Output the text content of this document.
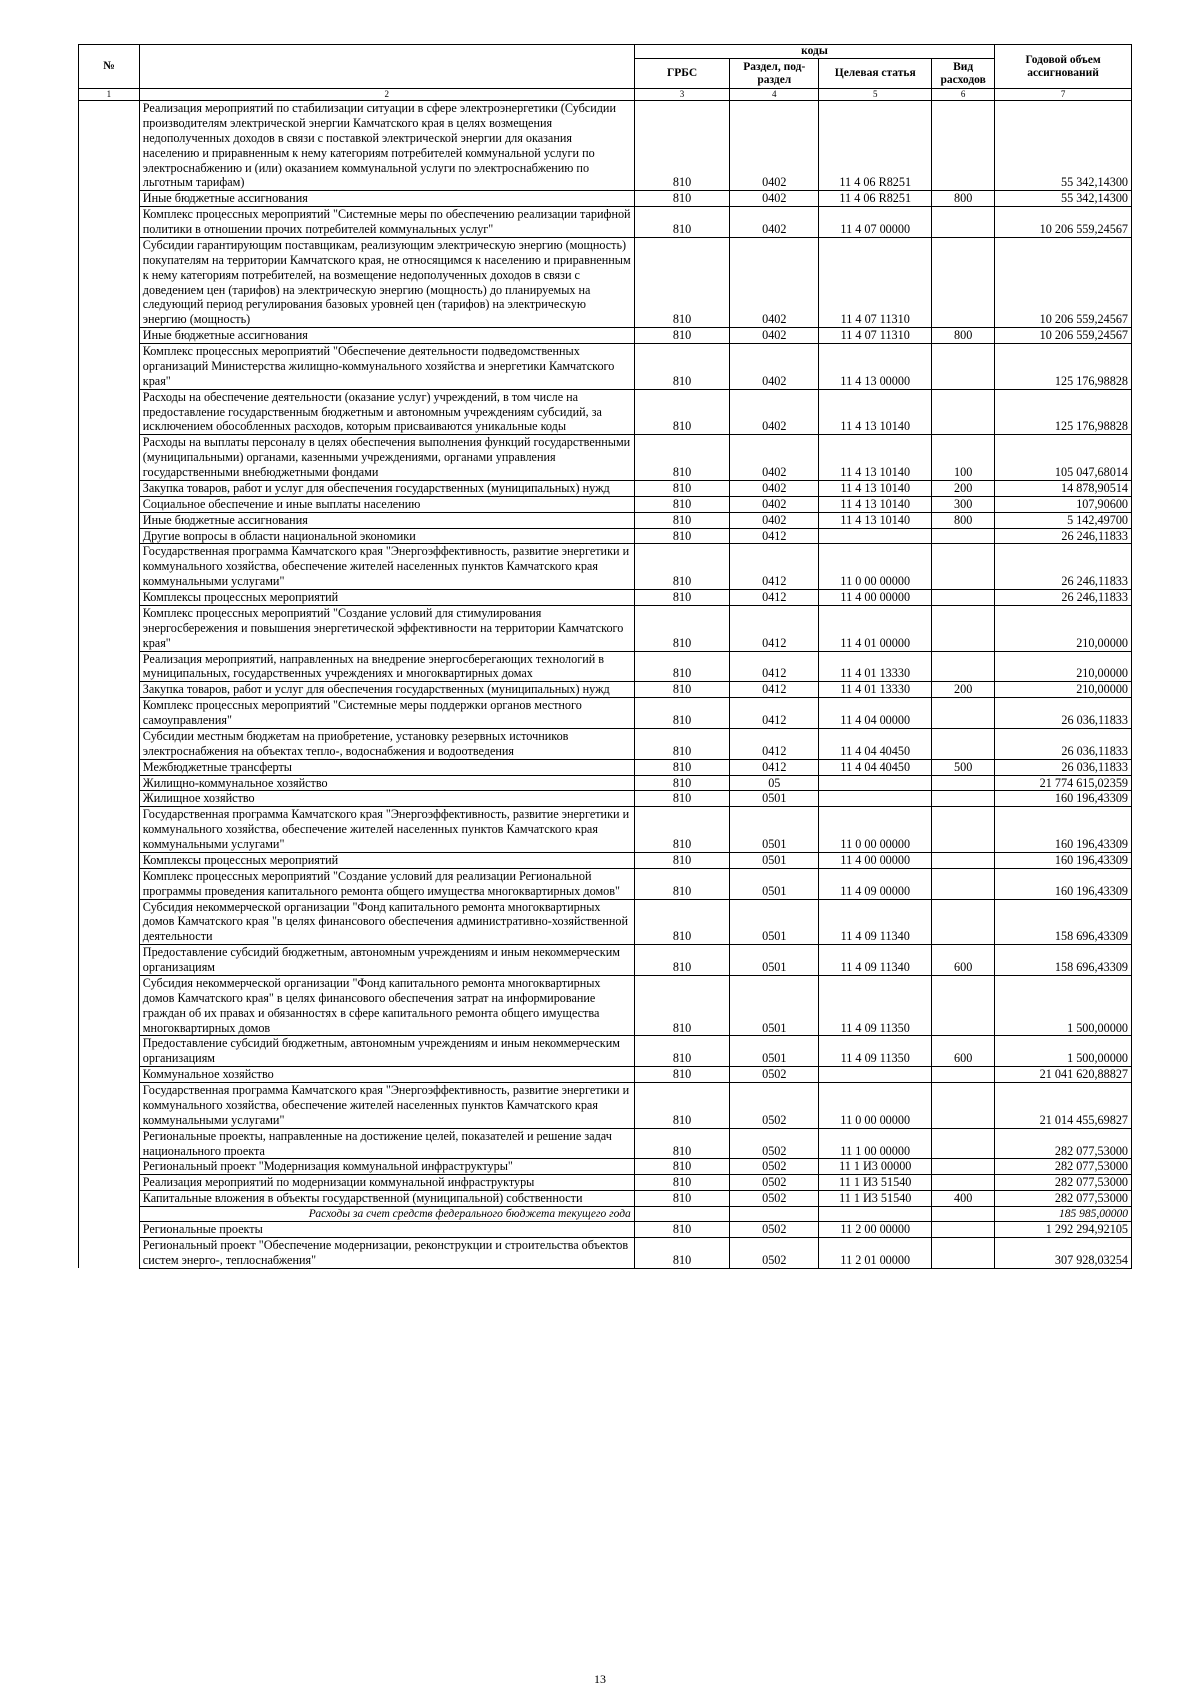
№		коды				Годовой объем ассигнований
		ГРБС	Раздел, под-раздел	Целевая статья	Вид расходов	
1	2	3	4	5	6	7
	Реализация мероприятий по стабилизации ситуации в сфере электроэнергетики (Субсидии производителям электрической энергии Камчатского края в целях возмещения недополученных доходов в связи с поставкой электрической энергии для оказания населению и приравненным к нему категориям потребителей коммунальной услуги по электроснабжению и (или) оказанием коммунальной услуги по электроснабжению по льготным тарифам)	810	0402	11 4 06 R8251		55 342,14300
	Иные бюджетные ассигнования	810	0402	11 4 06 R8251	800	55 342,14300
	Комплекс процессных мероприятий "Системные меры по обеспечению реализации тарифной политики в отношении прочих потребителей коммунальных услуг"	810	0402	11 4 07 00000		10 206 559,24567
	Субсидии гарантирующим поставщикам, реализующим электрическую энергию (мощность) покупателям на территории Камчатского края, не относящимся к населению и приравненным к нему категориям потребителей, на возмещение недополученных доходов в связи с доведением цен (тарифов) на электрическую энергию (мощность) до планируемых на следующий период регулирования базовых уровней цен (тарифов) на электрическую энергию (мощность)	810	0402	11 4 07 11310		10 206 559,24567
	Иные бюджетные ассигнования	810	0402	11 4 07 11310	800	10 206 559,24567
	Комплекс процессных мероприятий "Обеспечение деятельности подведомственных организаций Министерства жилищно-коммунального хозяйства и энергетики Камчатского края"	810	0402	11 4 13 00000		125 176,98828
	Расходы на обеспечение деятельности (оказание услуг) учреждений, в том числе на предоставление государственным бюджетным и автономным учреждениям субсидий, за исключением обособленных расходов, которым присваиваются уникальные коды	810	0402	11 4 13 10140		125 176,98828
	Расходы на выплаты персоналу в целях обеспечения выполнения функций государственными (муниципальными) органами, казенными учреждениями, органами управления государственными внебюджетными фондами	810	0402	11 4 13 10140	100	105 047,68014
	Закупка товаров, работ и услуг для обеспечения государственных (муниципальных) нужд	810	0402	11 4 13 10140	200	14 878,90514
	Социальное обеспечение и иные выплаты населению	810	0402	11 4 13 10140	300	107,90600
	Иные бюджетные ассигнования	810	0402	11 4 13 10140	800	5 142,49700
	Другие вопросы в области национальной экономики	810	0412			26 246,11833
	Государственная программа Камчатского края "Энергоэффективность, развитие энергетики и коммунального хозяйства, обеспечение жителей населенных пунктов Камчатского края коммунальными услугами"	810	0412	11 0 00 00000		26 246,11833
	Комплексы процессных мероприятий	810	0412	11 4 00 00000		26 246,11833
	Комплекс процессных мероприятий "Создание условий для стимулирования энергосбережения и повышения энергетической эффективности на территории Камчатского края"	810	0412	11 4 01 00000		210,00000
	Реализация мероприятий, направленных на внедрение энергосберегающих технологий в муниципальных, государственных учреждениях и многоквартирных домах	810	0412	11 4 01 13330		210,00000
	Закупка товаров, работ и услуг для обеспечения государственных (муниципальных) нужд	810	0412	11 4 01 13330	200	210,00000
	Комплекс процессных мероприятий "Системные меры поддержки органов местного самоуправления"	810	0412	11 4 04 00000		26 036,11833
	Субсидии местным бюджетам на приобретение, установку резервных источников электроснабжения на объектах тепло-, водоснабжения и водоотведения	810	0412	11 4 04 40450		26 036,11833
	Межбюджетные трансферты	810	0412	11 4 04 40450	500	26 036,11833
	Жилищно-коммунальное хозяйство	810	05			21 774 615,02359
	Жилищное хозяйство	810	0501			160 196,43309
	Государственная программа Камчатского края "Энергоэффективность, развитие энергетики и коммунального хозяйства, обеспечение жителей населенных пунктов Камчатского края коммунальными услугами"	810	0501	11 0 00 00000		160 196,43309
	Комплексы процессных мероприятий	810	0501	11 4 00 00000		160 196,43309
	Комплекс процессных мероприятий "Создание условий для реализации Региональной программы проведения капитального ремонта общего имущества многоквартирных домов"	810	0501	11 4 09 00000		160 196,43309
	Субсидия некоммерческой организации "Фонд капитального ремонта многоквартирных домов Камчатского края "в целях финансового обеспечения административно-хозяйственной деятельности	810	0501	11 4 09 11340		158 696,43309
	Предоставление субсидий бюджетным, автономным учреждениям и иным некоммерческим организациям	810	0501	11 4 09 11340	600	158 696,43309
	Субсидия некоммерческой организации "Фонд капитального ремонта многоквартирных домов Камчатского края" в целях финансового обеспечения затрат на информирование граждан об их правах и обязанностях в сфере капитального ремонта общего имущества многоквартирных домов	810	0501	11 4 09 11350		1 500,00000
	Предоставление субсидий бюджетным, автономным учреждениям и иным некоммерческим организациям	810	0501	11 4 09 11350	600	1 500,00000
	Коммунальное хозяйство	810	0502			21 041 620,88827
	Государственная программа Камчатского края "Энергоэффективность, развитие энергетики и коммунального хозяйства, обеспечение жителей населенных пунктов Камчатского края коммунальными услугами"	810	0502	11 0 00 00000		21 014 455,69827
	Региональные проекты, направленные на достижение целей, показателей и решение задач национального проекта	810	0502	11 1 00 00000		282 077,53000
	Региональный проект "Модернизация коммунальной инфраструктуры"	810	0502	11 1 И3 00000		282 077,53000
	Реализация мероприятий по модернизации коммунальной инфраструктуры	810	0502	11 1 И3 51540		282 077,53000
	Капитальные вложения в объекты государственной (муниципальной) собственности	810	0502	11 1 И3 51540	400	282 077,53000
	Расходы за счет средств федерального бюджета текущего года					185 985,00000
	Региональные проекты	810	0502	11 2 00 00000		1 292 294,92105
	Региональный проект "Обеспечение модернизации, реконструкции и строительства объектов систем энерго-, теплоснабжения"	810	0502	11 2 01 00000		307 928,03254
13
